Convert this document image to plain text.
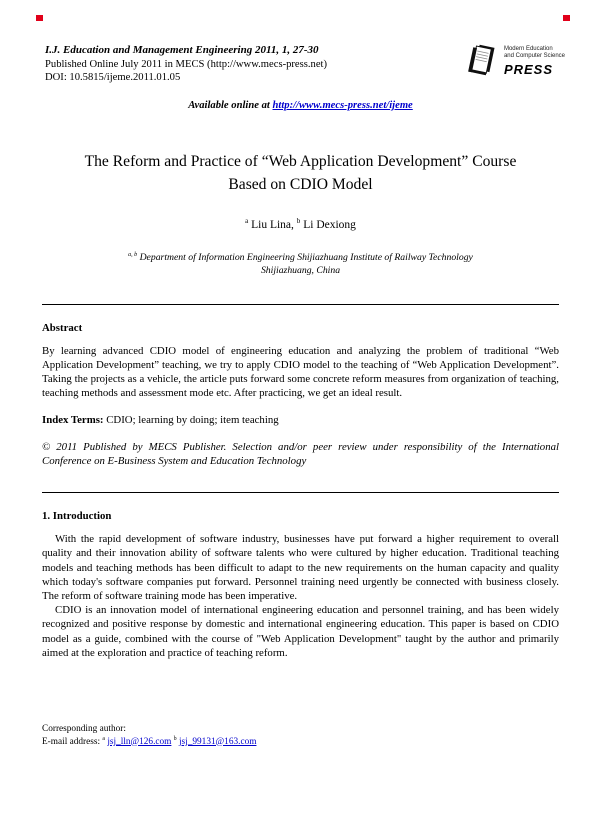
I.J. Education and Management Engineering 2011, 1, 27-30
Published Online July 2011 in MECS (http://www.mecs-press.net)
DOI: 10.5815/ijeme.2011.01.05
Modern Education
and Computer Science
PRESS
Available online at http://www.mecs-press.net/ijeme
The Reform and Practice of “Web Application Development” Course
Based on CDIO Model
$^a$ Liu Lina, $^b$ Li Dexiong
$^{a, b}$ Department of Information Engineering Shijiazhuang Institute of Railway Technology
Shijiazhuang, China
Abstract

By learning advanced CDIO model of engineering education and analyzing the problem of traditional “Web Application Development” teaching, we try to apply CDIO model to the teaching of “Web Application Development”. Taking the projects as a vehicle, the article puts forward some concrete reform measures from organization of teaching, teaching methods and assessment mode etc. After practicing, we get an ideal result.

Index Terms: CDIO; learning by doing; item teaching

© 2011 Published by MECS Publisher. Selection and/or peer review under responsibility of the International Conference on E-Business System and Education Technology

1. Introduction

With the rapid development of software industry, businesses have put forward a higher requirement to overall quality and their innovation ability of software talents who were cultured by higher education. Traditional teaching models and teaching methods has been difficult to adapt to the new requirements on the human capacity and quality which today's software companies put forward. Personnel training need urgently be connected with business closely. The reform of software training mode has been imperative.

CDIO is an innovation model of international engineering education and personnel training, and has been widely recognized and positive response by domestic and international engineering education. This paper is based on CDIO model as a guide, combined with the course of "Web Application Development" taught by the author and primarily aimed at the exploration and practice of teaching reform.

Corresponding author:
E-mail address: $^a$ jsj_lln@126.com $^b$ jsj_99131@163.com
